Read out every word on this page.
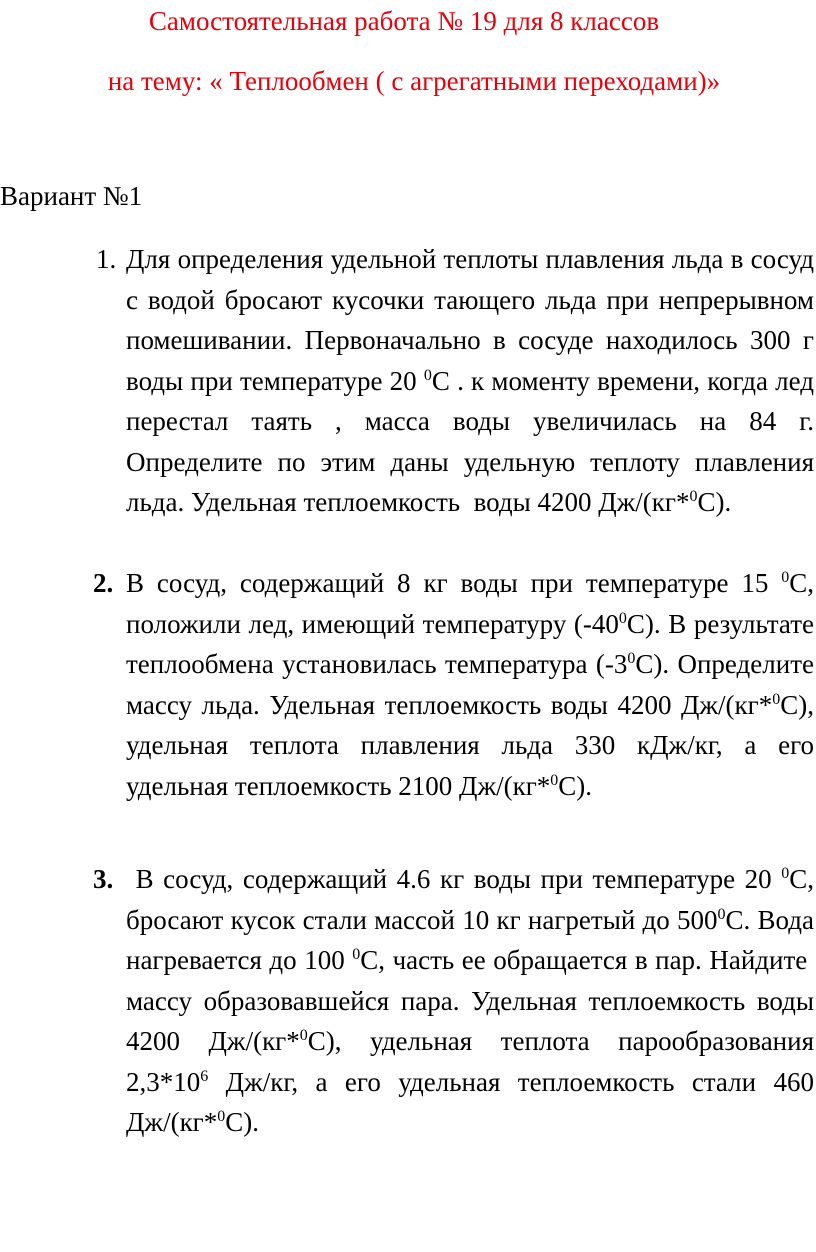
Самостоятельная работа № 19 для 8 классов
на тему: « Теплообмен ( с агрегатными переходами)»
Вариант №1
1. Для определения удельной теплоты плавления льда в сосуд с водой бросают кусочки тающего льда при непрерывном помешивании. Первоначально в сосуде находилось 300 г воды при температуре 20 $^0$С . к моменту времени, когда лед перестал таять , масса воды увеличилась на 84 г. Определите по этим даны удельную теплоту плавления льда. Удельная теплоемкость  воды 4200 Дж/(кг*$^0$С).
2. В сосуд, содержащий 8 кг воды при температуре 15 $^0$С, положили лед, имеющий температуру $(-40^0С)$. В результате теплообмена установилась температура $(-3^0С)$. Определите массу льда. Удельная теплоемкость воды 4200 Дж/(кг*$^0$С), удельная теплота плавления льда 330 кДж/кг, а его удельная теплоемкость 2100 Дж/(кг*$^0$С).
3. В сосуд, содержащий 4.6 кг воды при температуре 20 $^0$С, бросают кусок стали массой 10 кг нагретый до $500^0С$. Вода нагревается до 100 $^0$С, часть ее обращается в пар. Найдите  массу образовавшейся пара. Удельная теплоемкость воды 4200 Дж/(кг*$^0$С), удельная теплота парообразования $2,3*10^6$ Дж/кг, а его удельная теплоемкость стали 460 Дж/(кг*$^0$С).
